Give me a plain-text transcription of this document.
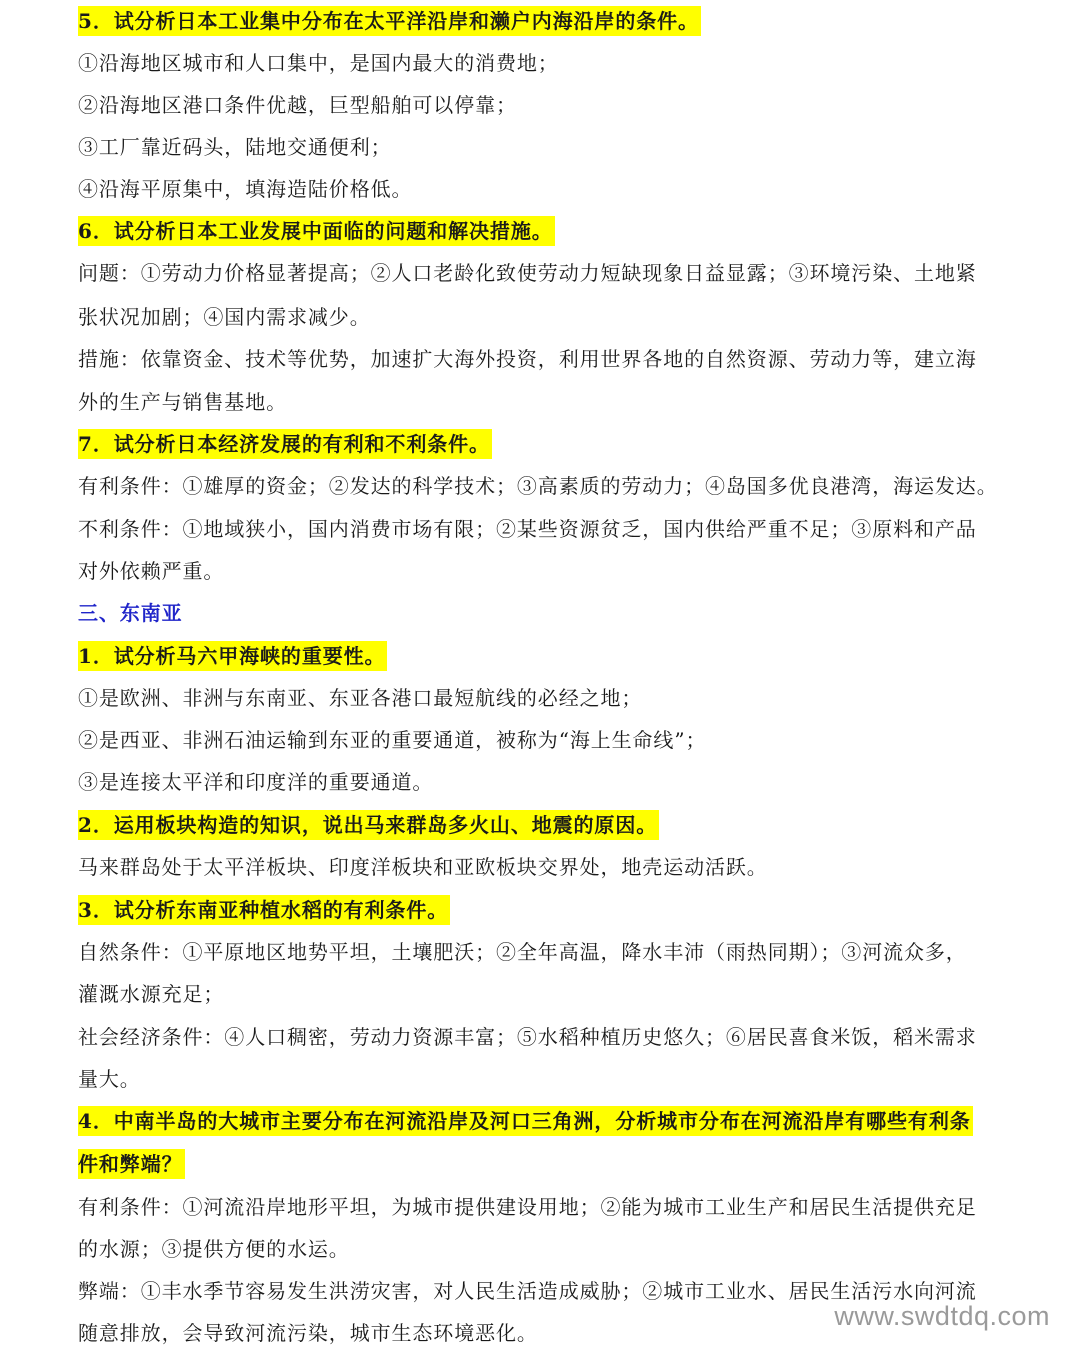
5．试分析日本工业集中分布在太平洋沿岸和濑户内海沿岸的条件。
①沿海地区城市和人口集中，是国内最大的消费地；
②沿海地区港口条件优越，巨型船舶可以停靠；
③工厂靠近码头，陆地交通便利；
④沿海平原集中，填海造陆价格低。
6．试分析日本工业发展中面临的问题和解决措施。
问题：①劳动力价格显著提高；②人口老龄化致使劳动力短缺现象日益显露；③环境污染、土地紧
张状况加剧；④国内需求减少。
措施：依靠资金、技术等优势，加速扩大海外投资，利用世界各地的自然资源、劳动力等，建立海
外的生产与销售基地。
7．试分析日本经济发展的有利和不利条件。
有利条件：①雄厚的资金；②发达的科学技术；③高素质的劳动力；④岛国多优良港湾，海运发达。
不利条件：①地域狭小，国内消费市场有限；②某些资源贫乏，国内供给严重不足；③原料和产品
对外依赖严重。
三、东南亚
1．试分析马六甲海峡的重要性。
①是欧洲、非洲与东南亚、东亚各港口最短航线的必经之地；
②是西亚、非洲石油运输到东亚的重要通道，被称为“海上生命线”；
③是连接太平洋和印度洋的重要通道。
2．运用板块构造的知识，说出马来群岛多火山、地震的原因。
马来群岛处于太平洋板块、印度洋板块和亚欧板块交界处，地壳运动活跃。
3．试分析东南亚种植水稻的有利条件。
自然条件：①平原地区地势平坦，土壤肥沃；②全年高温，降水丰沛（雨热同期）；③河流众多，
灌溉水源充足；
社会经济条件：④人口稠密，劳动力资源丰富；⑤水稻种植历史悠久；⑥居民喜食米饭，稻米需求
量大。
4．中南半岛的大城市主要分布在河流沿岸及河口三角洲，分析城市分布在河流沿岸有哪些有利条
件和弊端？
有利条件：①河流沿岸地形平坦，为城市提供建设用地；②能为城市工业生产和居民生活提供充足
的水源；③提供方便的水运。
弊端：①丰水季节容易发生洪涝灾害，对人民生活造成威胁；②城市工业水、居民生活污水向河流
随意排放，会导致河流污染，城市生态环境恶化。
www.swdtdq.com
